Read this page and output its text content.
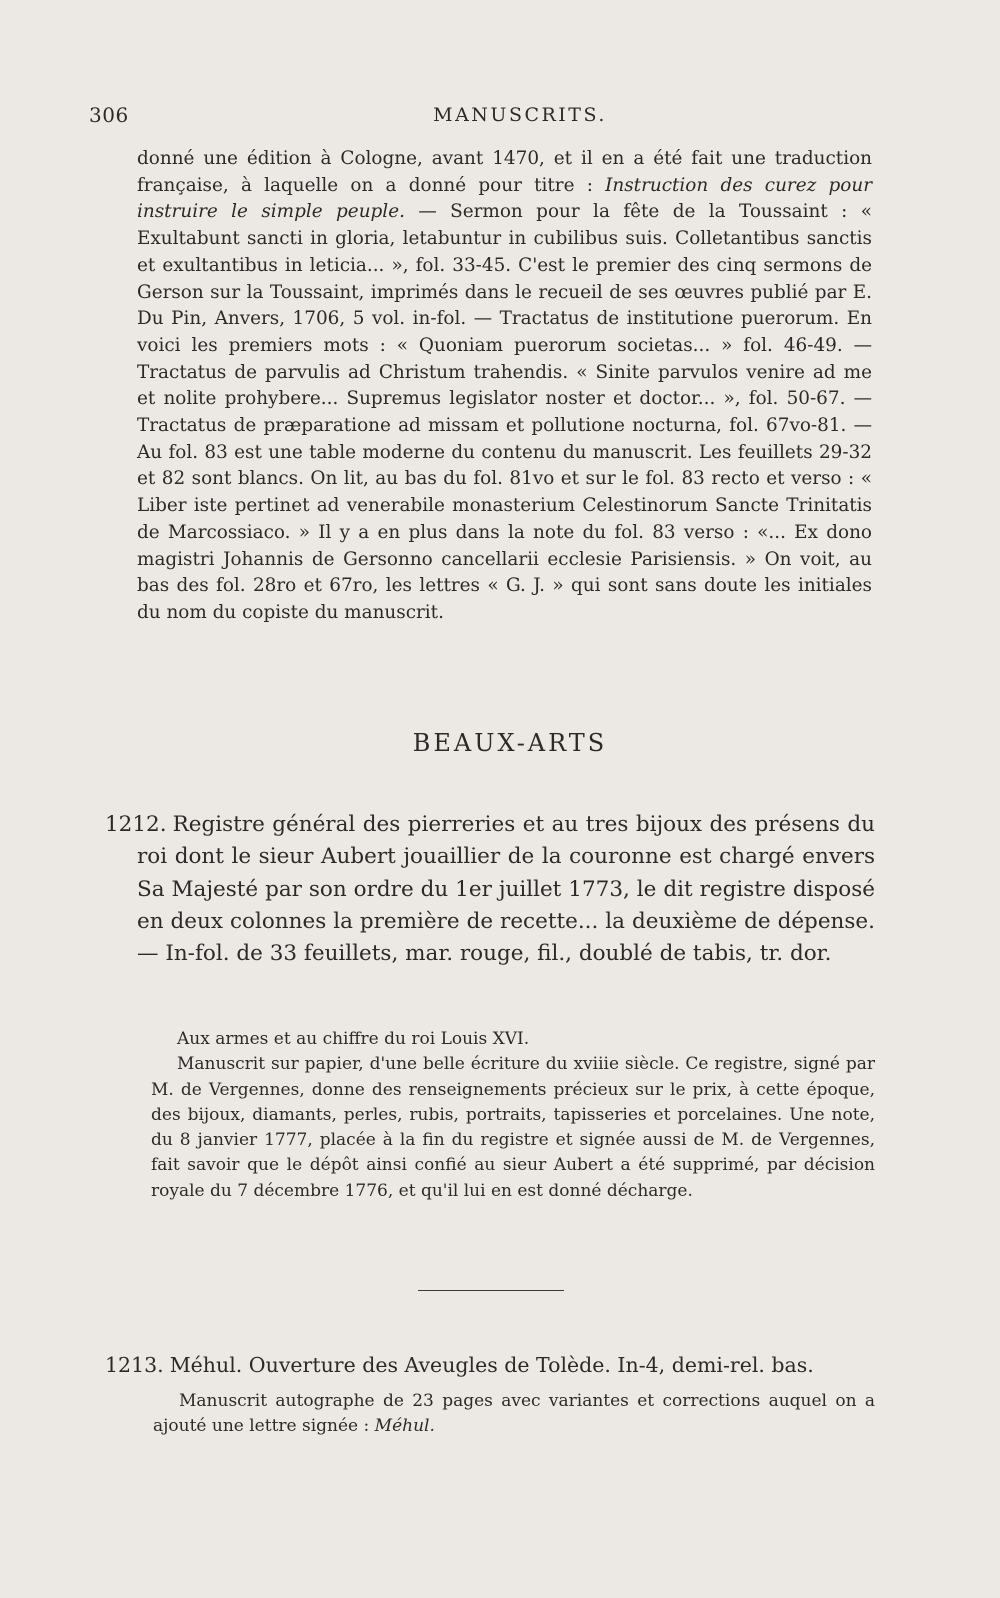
306	MANUSCRITS.

donné une édition à Cologne, avant 1470, et il en a été fait une traduction française, à laquelle on a donné pour titre : Instruction des curez pour instruire le simple peuple. — Sermon pour la fête de la Toussaint : « Exultabunt sancti in gloria, letabuntur in cubilibus suis. Colletantibus sanctis et exultantibus in leticia... », fol. 33-45. C'est le premier des cinq sermons de Gerson sur la Toussaint, imprimés dans le recueil de ses œuvres publié par E. Du Pin, Anvers, 1706, 5 vol. in-fol. — Tractatus de institutione puerorum. En voici les premiers mots : « Quoniam puerorum societas... » fol. 46-49. — Tractatus de parvulis ad Christum trahendis. « Sinite parvulos venire ad me et nolite prohybere... Supremus legislator noster et doctor... », fol. 50-67. — Tractatus de præparatione ad missam et pollutione nocturna, fol. 67vo-81. — Au fol. 83 est une table moderne du contenu du manuscrit. Les feuillets 29-32 et 82 sont blancs. On lit, au bas du fol. 81vo et sur le fol. 83 recto et verso : « Liber iste pertinet ad venerabile monasterium Celestinorum Sancte Trinitatis de Marcossiaco. » Il y a en plus dans la note du fol. 83 verso : «... Ex dono magistri Johannis de Gersonno cancellarii ecclesie Parisiensis. » On voit, au bas des fol. 28ro et 67ro, les lettres « G. J. » qui sont sans doute les initiales du nom du copiste du manuscrit.

BEAUX-ARTS
1212. Registre général des pierreries et au tres bijoux des présens du roi dont le sieur Aubert jouaillier de la couronne est chargé envers Sa Majesté par son ordre du 1er juillet 1773, le dit registre disposé en deux colonnes la première de recette... la deuxième de dépense. — In-fol. de 33 feuillets, mar. rouge, fil., doublé de tabis, tr. dor.

Aux armes et au chiffre du roi Louis XVI.

Manuscrit sur papier, d'une belle écriture du xviiie siècle. Ce registre, signé par M. de Vergennes, donne des renseignements précieux sur le prix, à cette époque, des bijoux, diamants, perles, rubis, portraits, tapisseries et porcelaines. Une note, du 8 janvier 1777, placée à la fin du registre et signée aussi de M. de Vergennes, fait savoir que le dépôt ainsi confié au sieur Aubert a été supprimé, par décision royale du 7 décembre 1776, et qu'il lui en est donné décharge.

1213. Méhul. Ouverture des Aveugles de Tolède. In-4, demi-rel. bas.

Manuscrit autographe de 23 pages avec variantes et corrections auquel on a ajouté une lettre signée : Méhul.
